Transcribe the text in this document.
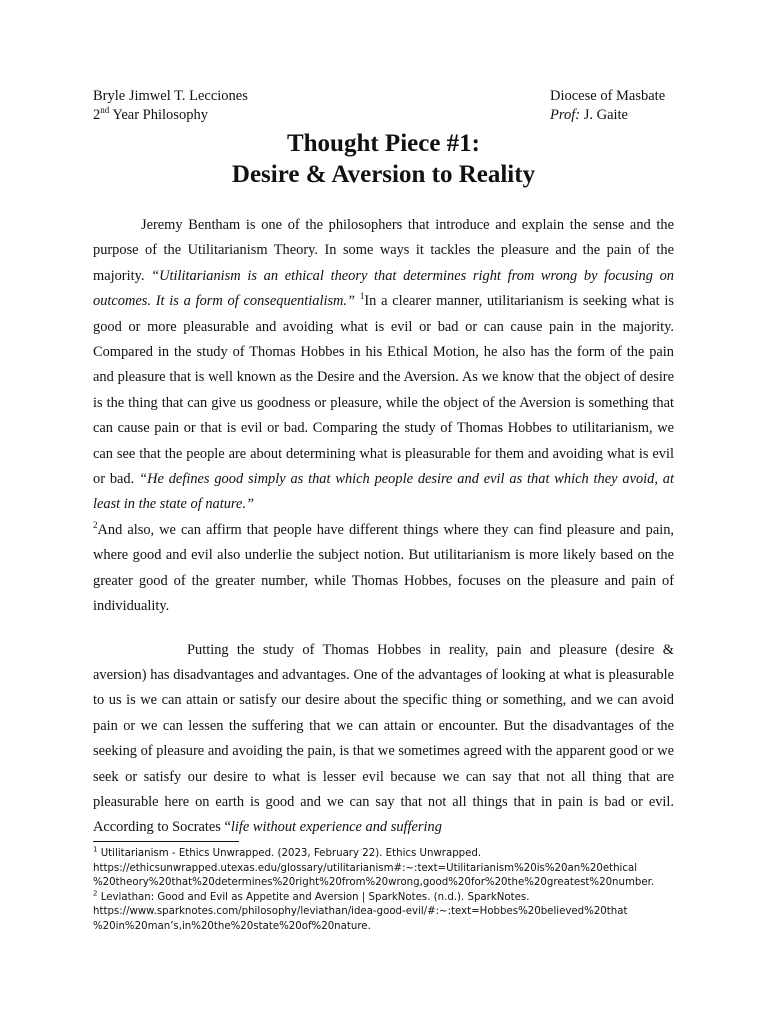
Bryle Jimwel T. Lecciones	Diocese of Masbate
2nd Year Philosophy	Prof: J. Gaite
Thought Piece #1:
Desire & Aversion to Reality

Jeremy Bentham is one of the philosophers that introduce and explain the sense and the purpose of the Utilitarianism Theory. In some ways it tackles the pleasure and the pain of the majority. “Utilitarianism is an ethical theory that determines right from wrong by focusing on outcomes. It is a form of consequentialism.” $^1$In a clearer manner, utilitarianism is seeking what is good or more pleasurable and avoiding what is evil or bad or can cause pain in the majority. Compared in the study of Thomas Hobbes in his Ethical Motion, he also has the form of the pain and pleasure that is well known as the Desire and the Aversion. As we know that the object of desire is the thing that can give us goodness or pleasure, while the object of the Aversion is something that can cause pain or that is evil or bad. Comparing the study of Thomas Hobbes to utilitarianism, we can see that the people are about determining what is pleasurable for them and avoiding what is evil or bad. “He defines good simply as that which people desire and evil as that which they avoid, at least in the state of nature.”
$^2$And also, we can affirm that people have different things where they can find pleasure and pain, where good and evil also underlie the subject notion. But utilitarianism is more likely based on the greater good of the greater number, while Thomas Hobbes, focuses on the pleasure and pain of individuality.

Putting the study of Thomas Hobbes in reality, pain and pleasure (desire & aversion) has disadvantages and advantages. One of the advantages of looking at what is pleasurable to us is we can attain or satisfy our desire about the specific thing or something, and we can avoid pain or we can lessen the suffering that we can attain or encounter. But the disadvantages of the seeking of pleasure and avoiding the pain, is that we sometimes agreed with the apparent good or we seek or satisfy our desire to what is lesser evil because we can say that not all thing that are pleasurable here on earth is good and we can say that not all things that in pain is bad or evil. According to Socrates “life without experience and suffering

$^1$ Utilitarianism - Ethics Unwrapped. (2023, February 22). Ethics Unwrapped.

https://ethicsunwrapped.utexas.edu/glossary/utilitarianism#:~:text=Utilitarianism%20is%20an%20ethical

%20theory%20that%20determines%20right%20from%20wrong,good%20for%20the%20greatest%20number.

$^2$ Leviathan: Good and Evil as Appetite and Aversion | SparkNotes. (n.d.). SparkNotes.

https://www.sparknotes.com/philosophy/leviathan/idea-good-evil/#:~:text=Hobbes%20believed%20that

%20in%20man’s,in%20the%20state%20of%20nature.
